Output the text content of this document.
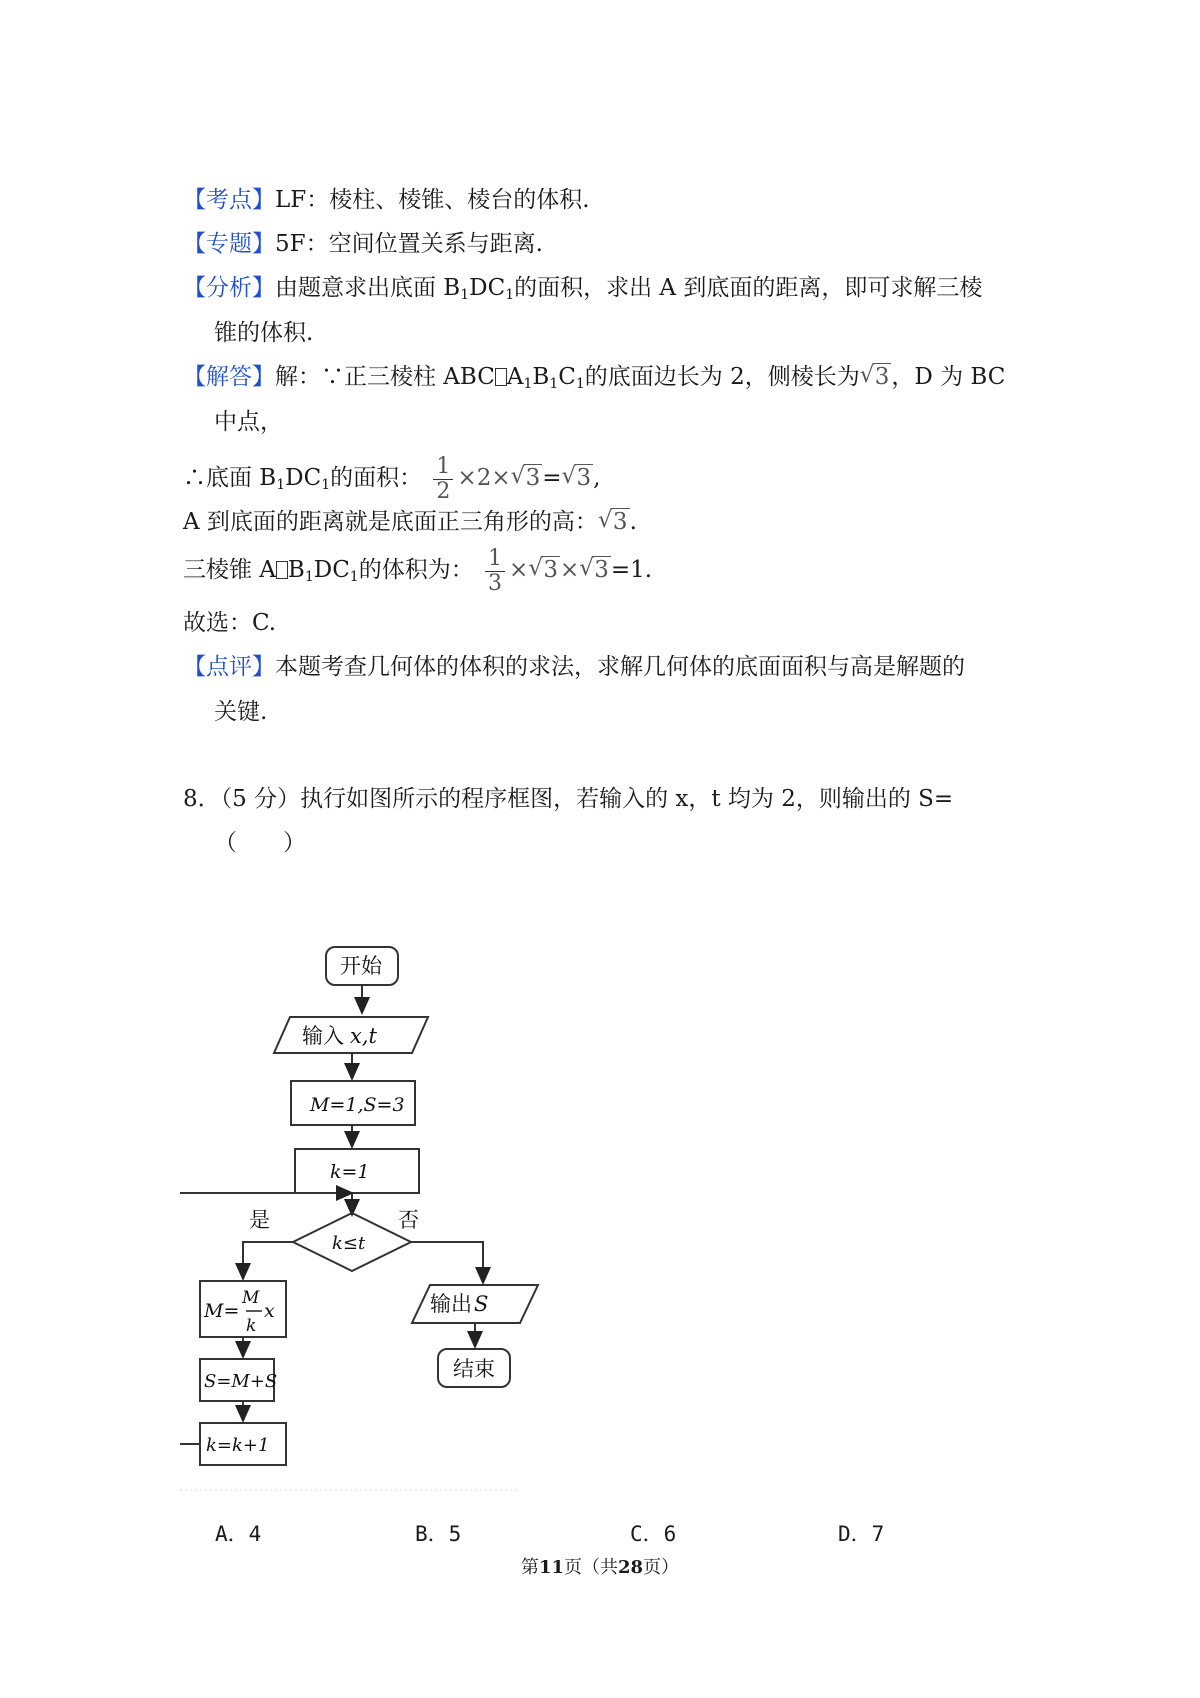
【考点】LF：棱柱、棱锥、棱台的体积.
【专题】5F：空间位置关系与距离.
【分析】由题意求出底面 $B_1DC_1$的面积，求出 A 到底面的距离，即可求解三棱
锥的体积.
【解答】解：∵正三棱柱 ABC $A_1B_1C_1$的底面边长为 2，侧棱长为√ 3，D 为 BC
中点，
∴底面 $B_1DC_1$的面积： $\frac{1}{2} \times 2\times√$ 3=√ 3,
A 到底面的距离就是底面正三角形的高：√ 3.
三棱锥 A $B_1DC_1$的体积为： $\frac{1}{3}$ ×√ 3×√ 3=1.
故选：C.
【点评】本题考查几何体的体积的求法，求解几何体的底面面积与高是解题的
关键.
8．（5 分）执行如图所示的程序框图，若输入的 x，t 均为 2，则输出的 S=
（　　）
开始
输入 x,t
M=1,S=3
k=1
k≤t
是	否
M=
M
k
x
S=M+S
k=k+1
输出 S
结束
A．4	B．5	C．6	D．7
第11页（共28页）
